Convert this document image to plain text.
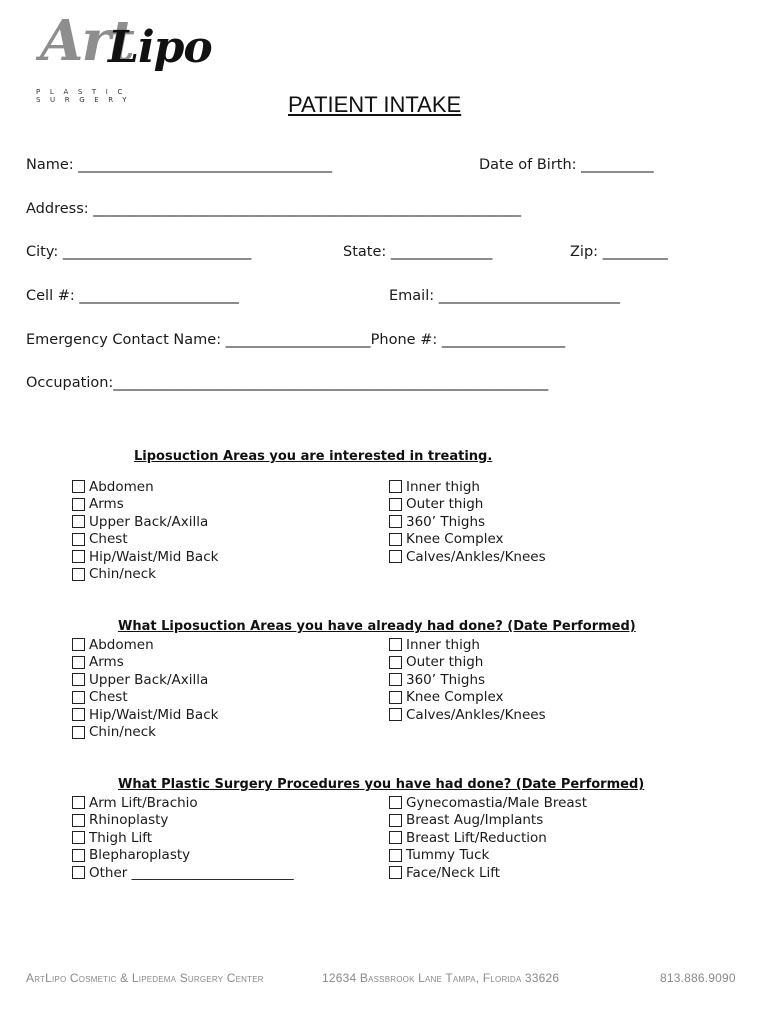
Art
Lipo
PLASTIC SURGERY	PATIENT INTAKE
Name: ___________________________________	Date of Birth: __________
Address: ___________________________________________________________
City: __________________________	State: ______________	Zip: _________
Cell #: ______________________	Email: _________________________
Emergency Contact Name: ____________________Phone #: _________________
Occupation:____________________________________________________________
Liposuction Areas you are interested in treating.
Abdomen
Arms
Upper Back/Axilla
Chest
Hip/Waist/Mid Back
Chin/neck
Inner thigh
Outer thigh
360’ Thighs
Knee Complex
Calves/Ankles/Knees
What Liposuction Areas you have already had done? (Date Performed)
Abdomen
Arms
Upper Back/Axilla
Chest
Hip/Waist/Mid Back
Chin/neck
Inner thigh
Outer thigh
360’ Thighs
Knee Complex
Calves/Ankles/Knees
What Plastic Surgery Procedures you have had done? (Date Performed)
Arm Lift/Brachio
Rhinoplasty
Thigh Lift
Blepharoplasty
Other ________________________
Gynecomastia/Male Breast
Breast Aug/Implants
Breast Lift/Reduction
Tummy Tuck
Face/Neck Lift
ArtLipo Cosmetic & Lipedema Surgery Center	12634 Bassbrook Lane Tampa, Florida 33626	813.886.9090
